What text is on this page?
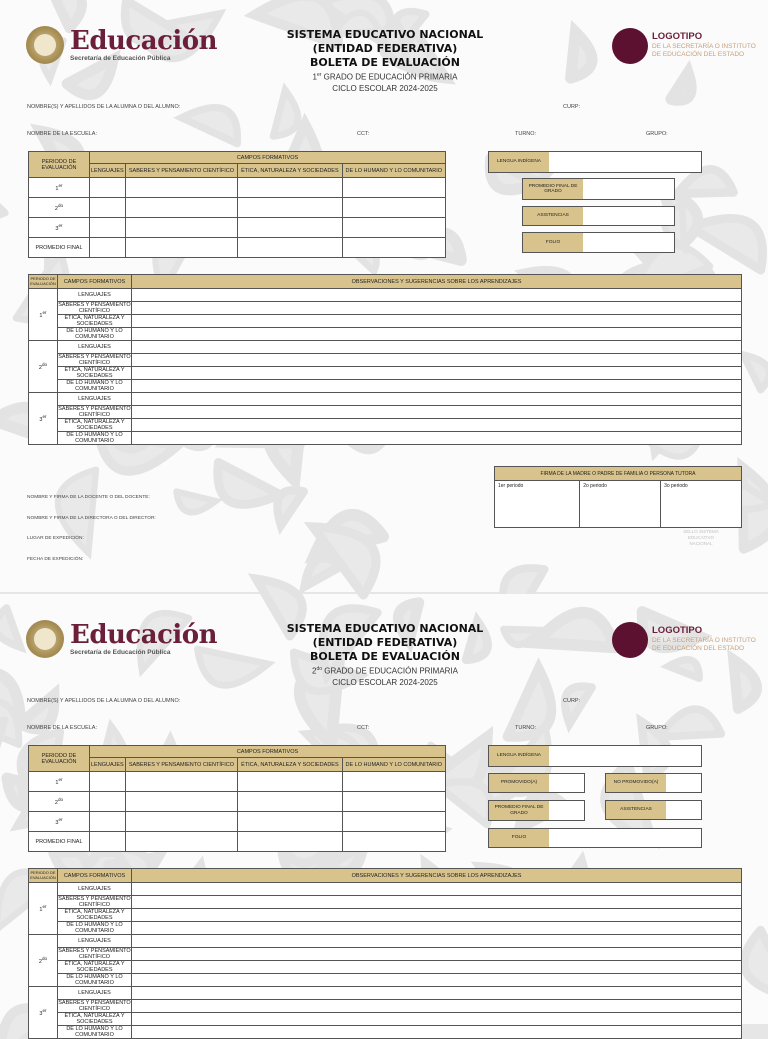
Educación
Secretaría de Educación Pública
SISTEMA EDUCATIVO NACIONAL
(ENTIDAD FEDERATIVA)
BOLETA DE EVALUACIÓN
1er GRADO DE EDUCACIÓN PRIMARIA
CICLO ESCOLAR 2024-2025
LOGOTIPO
DE LA SECRETARÍA O INSTITUTO DE EDUCACIÓN DEL ESTADO
NOMBRE(S) Y APELLIDOS DE LA ALUMNA O DEL ALUMNO:	CURP:
NOMBRE DE LA ESCUELA:	CCT:	TURNO:	GRUPO:
PERIODO DE EVALUACIÓN	CAMPOS FORMATIVOS			
	LENGUAJES	SABERES Y PENSAMIENTO CIENTÍFICO	ÉTICA, NATURALEZA Y SOCIEDADES	DE LO HUMANO Y LO COMUNITARIO
1er				
$2^{do}$				
3er				
PROMEDIO FINAL				
LENGUA INDÍGENA
PROMEDIO FINAL DE GRADO
ASISTENCIAS
FOLIO
PERIODO DE EVALUACIÓN	CAMPOS FORMATIVOS	OBSERVACIONES Y SUGERENCIAS SOBRE LOS APRENDIZAJES
1er	LENGUAJES	
	SABERES Y PENSAMIENTO CIENTÍFICO	
	ÉTICA, NATURALEZA Y SOCIEDADES	
	DE LO HUMANO Y LO COMUNITARIO	
$2^{do}$	LENGUAJES	
	SABERES Y PENSAMIENTO CIENTÍFICO	
	ÉTICA, NATURALEZA Y SOCIEDADES	
	DE LO HUMANO Y LO COMUNITARIO	
3er	LENGUAJES	
	SABERES Y PENSAMIENTO CIENTÍFICO	
	ÉTICA, NATURALEZA Y SOCIEDADES	
	DE LO HUMANO Y LO COMUNITARIO	
NOMBRE Y FIRMA DE LA DOCENTE O DEL DOCENTE:
NOMBRE Y FIRMA DE LA DIRECTORA O DEL DIRECTOR:
LUGAR DE EXPEDICIÓN:
FECHA DE EXPEDICIÓN:
FIRMA DE LA MADRE O PADRE DE FAMILIA O PERSONA TUTORA
1er periodo	2o periodo	3o periodo
SELLO SISTEMA EDUCATIVO NACIONAL
Educación
Secretaría de Educación Pública
SISTEMA EDUCATIVO NACIONAL
(ENTIDAD FEDERATIVA)
BOLETA DE EVALUACIÓN
$2^{do}$ GRADO DE EDUCACIÓN PRIMARIA
CICLO ESCOLAR 2024-2025
LOGOTIPO
DE LA SECRETARÍA O INSTITUTO DE EDUCACIÓN DEL ESTADO
NOMBRE(S) Y APELLIDOS DE LA ALUMNA O DEL ALUMNO:	CURP:
NOMBRE DE LA ESCUELA:	CCT:	TURNO:	GRUPO:
PERIODO DE EVALUACIÓN	CAMPOS FORMATIVOS			
	LENGUAJES	SABERES Y PENSAMIENTO CIENTÍFICO	ÉTICA, NATURALEZA Y SOCIEDADES	DE LO HUMANO Y LO COMUNITARIO
1er				
$2^{do}$				
3er				
PROMEDIO FINAL				
LENGUA INDÍGENA
PROMOVIDO(A)	NO PROMOVIDO(A)
PROMEDIO FINAL DE GRADO
ASISTENCIAS
FOLIO
PERIODO DE EVALUACIÓN	CAMPOS FORMATIVOS	OBSERVACIONES Y SUGERENCIAS SOBRE LOS APRENDIZAJES
1er	LENGUAJES	
	SABERES Y PENSAMIENTO CIENTÍFICO	
	ÉTICA, NATURALEZA Y SOCIEDADES	
	DE LO HUMANO Y LO COMUNITARIO	
$2^{do}$	LENGUAJES	
	SABERES Y PENSAMIENTO CIENTÍFICO	
	ÉTICA, NATURALEZA Y SOCIEDADES	
	DE LO HUMANO Y LO COMUNITARIO	
3er	LENGUAJES	
	SABERES Y PENSAMIENTO CIENTÍFICO	
	ÉTICA, NATURALEZA Y SOCIEDADES	
	DE LO HUMANO Y LO COMUNITARIO	
